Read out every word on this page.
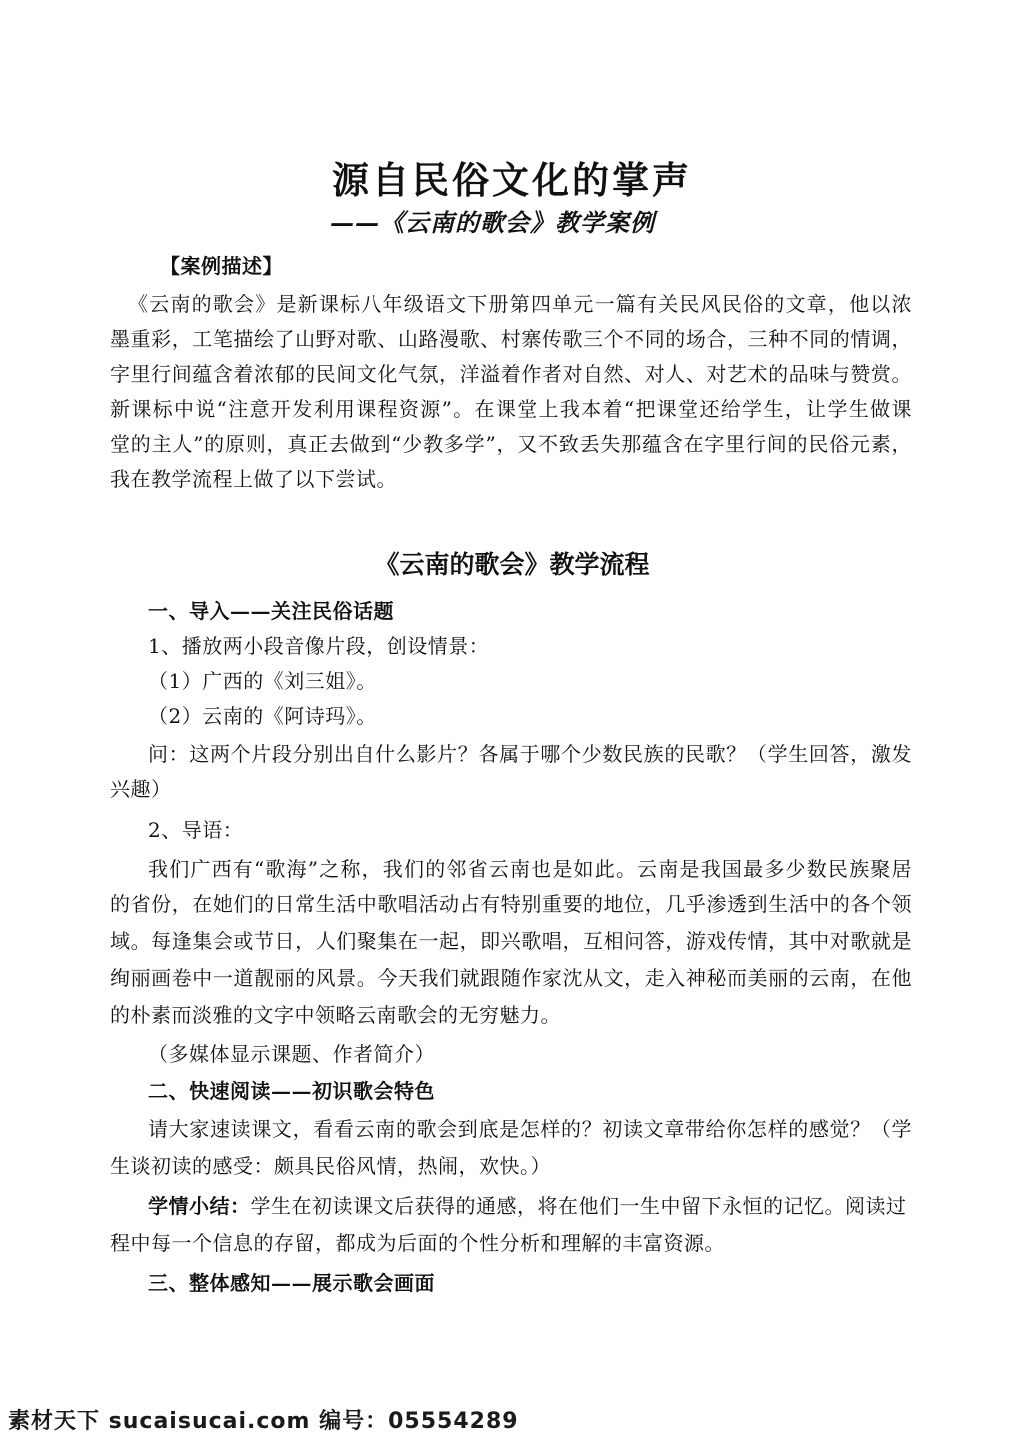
源自民俗文化的掌声
——《云南的歌会》教学案例
【案例描述】
《云南的歌会》是新课标八年级语文下册第四单元一篇有关民风民俗的文章，他以浓
墨重彩，工笔描绘了山野对歌、山路漫歌、村寨传歌三个不同的场合，三种不同的情调，
字里行间蕴含着浓郁的民间文化气氛，洋溢着作者对自然、对人、对艺术的品味与赞赏。
新课标中说“注意开发利用课程资源”。在课堂上我本着“把课堂还给学生，让学生做课
堂的主人”的原则，真正去做到“少教多学”，又不致丢失那蕴含在字里行间的民俗元素，
我在教学流程上做了以下尝试。
《云南的歌会》教学流程
一、导入——关注民俗话题
1、播放两小段音像片段，创设情景：
（1）广西的《刘三姐》。
（2）云南的《阿诗玛》。
问：这两个片段分别出自什么影片？各属于哪个少数民族的民歌？（学生回答，激发
兴趣）
2、导语：
我们广西有“歌海”之称，我们的邻省云南也是如此。云南是我国最多少数民族聚居
的省份，在她们的日常生活中歌唱活动占有特别重要的地位，几乎渗透到生活中的各个领
域。每逢集会或节日，人们聚集在一起，即兴歌唱，互相问答，游戏传情，其中对歌就是
绚丽画卷中一道靓丽的风景。今天我们就跟随作家沈从文，走入神秘而美丽的云南，在他
的朴素而淡雅的文字中领略云南歌会的无穷魅力。
（多媒体显示课题、作者简介）
二、快速阅读——初识歌会特色
请大家速读课文，看看云南的歌会到底是怎样的？初读文章带给你怎样的感觉？（学
生谈初读的感受：颇具民俗风情，热闹，欢快。）
学情小结：学生在初读课文后获得的通感，将在他们一生中留下永恒的记忆。阅读过
程中每一个信息的存留，都成为后面的个性分析和理解的丰富资源。
三、整体感知——展示歌会画面
素材天下 sucaisucai.com 编号：05554289
